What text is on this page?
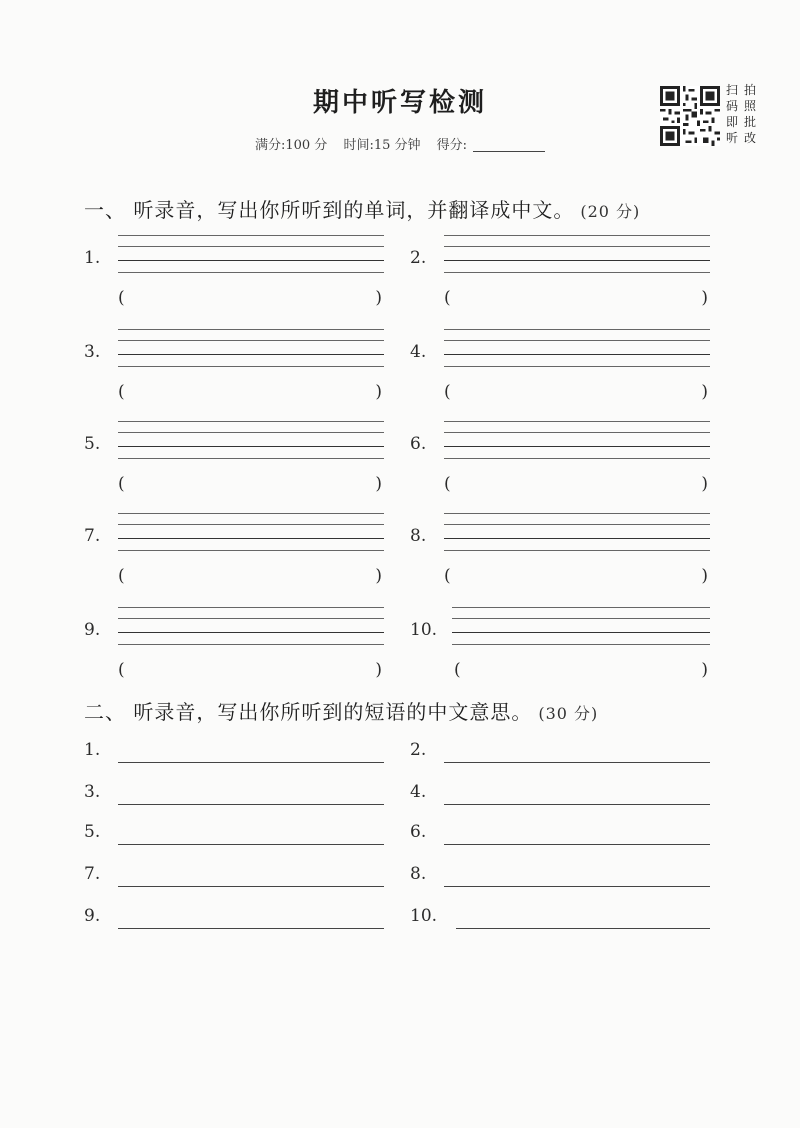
期中听写检测
满分:100 分 时间:15 分钟 得分:
扫 拍
码 照
即 批
听 改
一、 听录音，写出你所听到的单词，并翻译成中文。 (20 分)
1.
(	)
2.
(	)
3.
(	)
4.
(	)
5.
(	)
6.
(	)
7.
(	)
8.
(	)
9.
(	)
10.
(	)
二、 听录音，写出你所听到的短语的中文意思。 (30 分)
1.	2.
3.	4.
5.	6.
7.	8.
9.	10.
